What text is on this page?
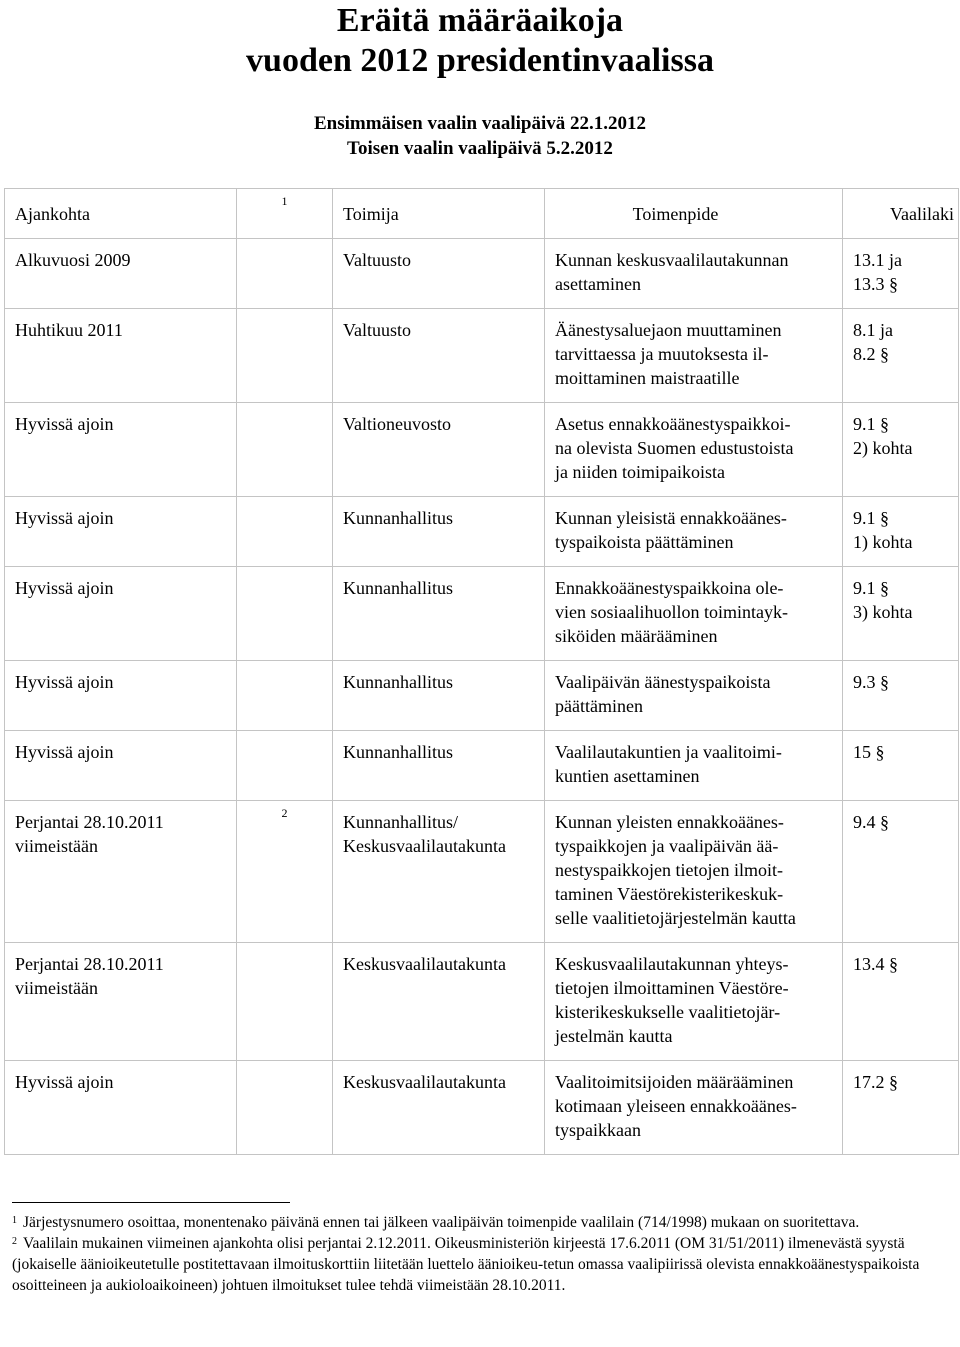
Eräitä määräaikoja
vuoden 2012 presidentinvaalissa
Ensimmäisen vaalin vaalipäivä 22.1.2012
Toisen vaalin vaalipäivä 5.2.2012
Ajankohta	1	Toimija	Toimenpide	Vaalilaki

Alkuvuosi 2009		Valtuusto	Kunnan keskusvaalilautakunnan
asettaminen	13.1 ja
13.3 §

Huhtikuu 2011		Valtuusto	Äänestysaluejaon muuttaminen
tarvittaessa ja muutoksesta il-
moittaminen maistraatille	8.1 ja
8.2 §

Hyvissä ajoin		Valtioneuvosto	Asetus ennakkoäänestyspaikkoi-
na olevista Suomen edustustoista
ja niiden toimipaikoista	9.1 §
2) kohta

Hyvissä ajoin		Kunnanhallitus	Kunnan yleisistä ennakkoäänes-
tyspaikoista päättäminen	9.1 §
1) kohta

Hyvissä ajoin		Kunnanhallitus	Ennakkoäänestyspaikkoina ole-
vien sosiaalihuollon toimintayk-
siköiden määrääminen	9.1 §
3) kohta

Hyvissä ajoin		Kunnanhallitus	Vaalipäivän äänestyspaikoista
päättäminen	9.3 §

Hyvissä ajoin		Kunnanhallitus	Vaalilautakuntien ja vaalitoimi-
kuntien asettaminen	15 §

Perjantai 28.10.2011
viimeistään	2	Kunnanhallitus/
Keskusvaalilautakunta	Kunnan yleisten ennakkoäänes-
tyspaikkojen ja vaalipäivän ää-
nestyspaikkojen tietojen ilmoit-
taminen Väestörekisterikeskuk-
selle vaalitietojärjestelmän kautta	9.4 §

Perjantai 28.10.2011
viimeistään		Keskusvaalilautakunta	Keskusvaalilautakunnan yhteys-
tietojen ilmoittaminen Väestöre-
kisterikeskukselle vaalitietojär-
jestelmän kautta	13.4 §

Hyvissä ajoin		Keskusvaalilautakunta	Vaalitoimitsijoiden määrääminen
kotimaan yleiseen ennakkoäänes-
tyspaikkaan	17.2 §

$^1$ Järjestysnumero osoittaa, monentenako päivänä ennen tai jälkeen vaalipäivän toimenpide vaalilain (714/1998) mukaan on suoritettava.

$^2$ Vaalilain mukainen viimeinen ajankohta olisi perjantai 2.12.2011. Oikeusministeriön kirjeestä 17.6.2011 (OM 31/51/2011) ilmenevästä syystä (jokaiselle äänioikeutetulle postitettavaan ilmoituskorttiin liitetään luettelo äänioikeu-tetun omassa vaalipiirissä olevista ennakkoäänestyspaikoista osoitteineen ja aukioloaikoineen) johtuen ilmoitukset tulee tehdä viimeistään 28.10.2011.
